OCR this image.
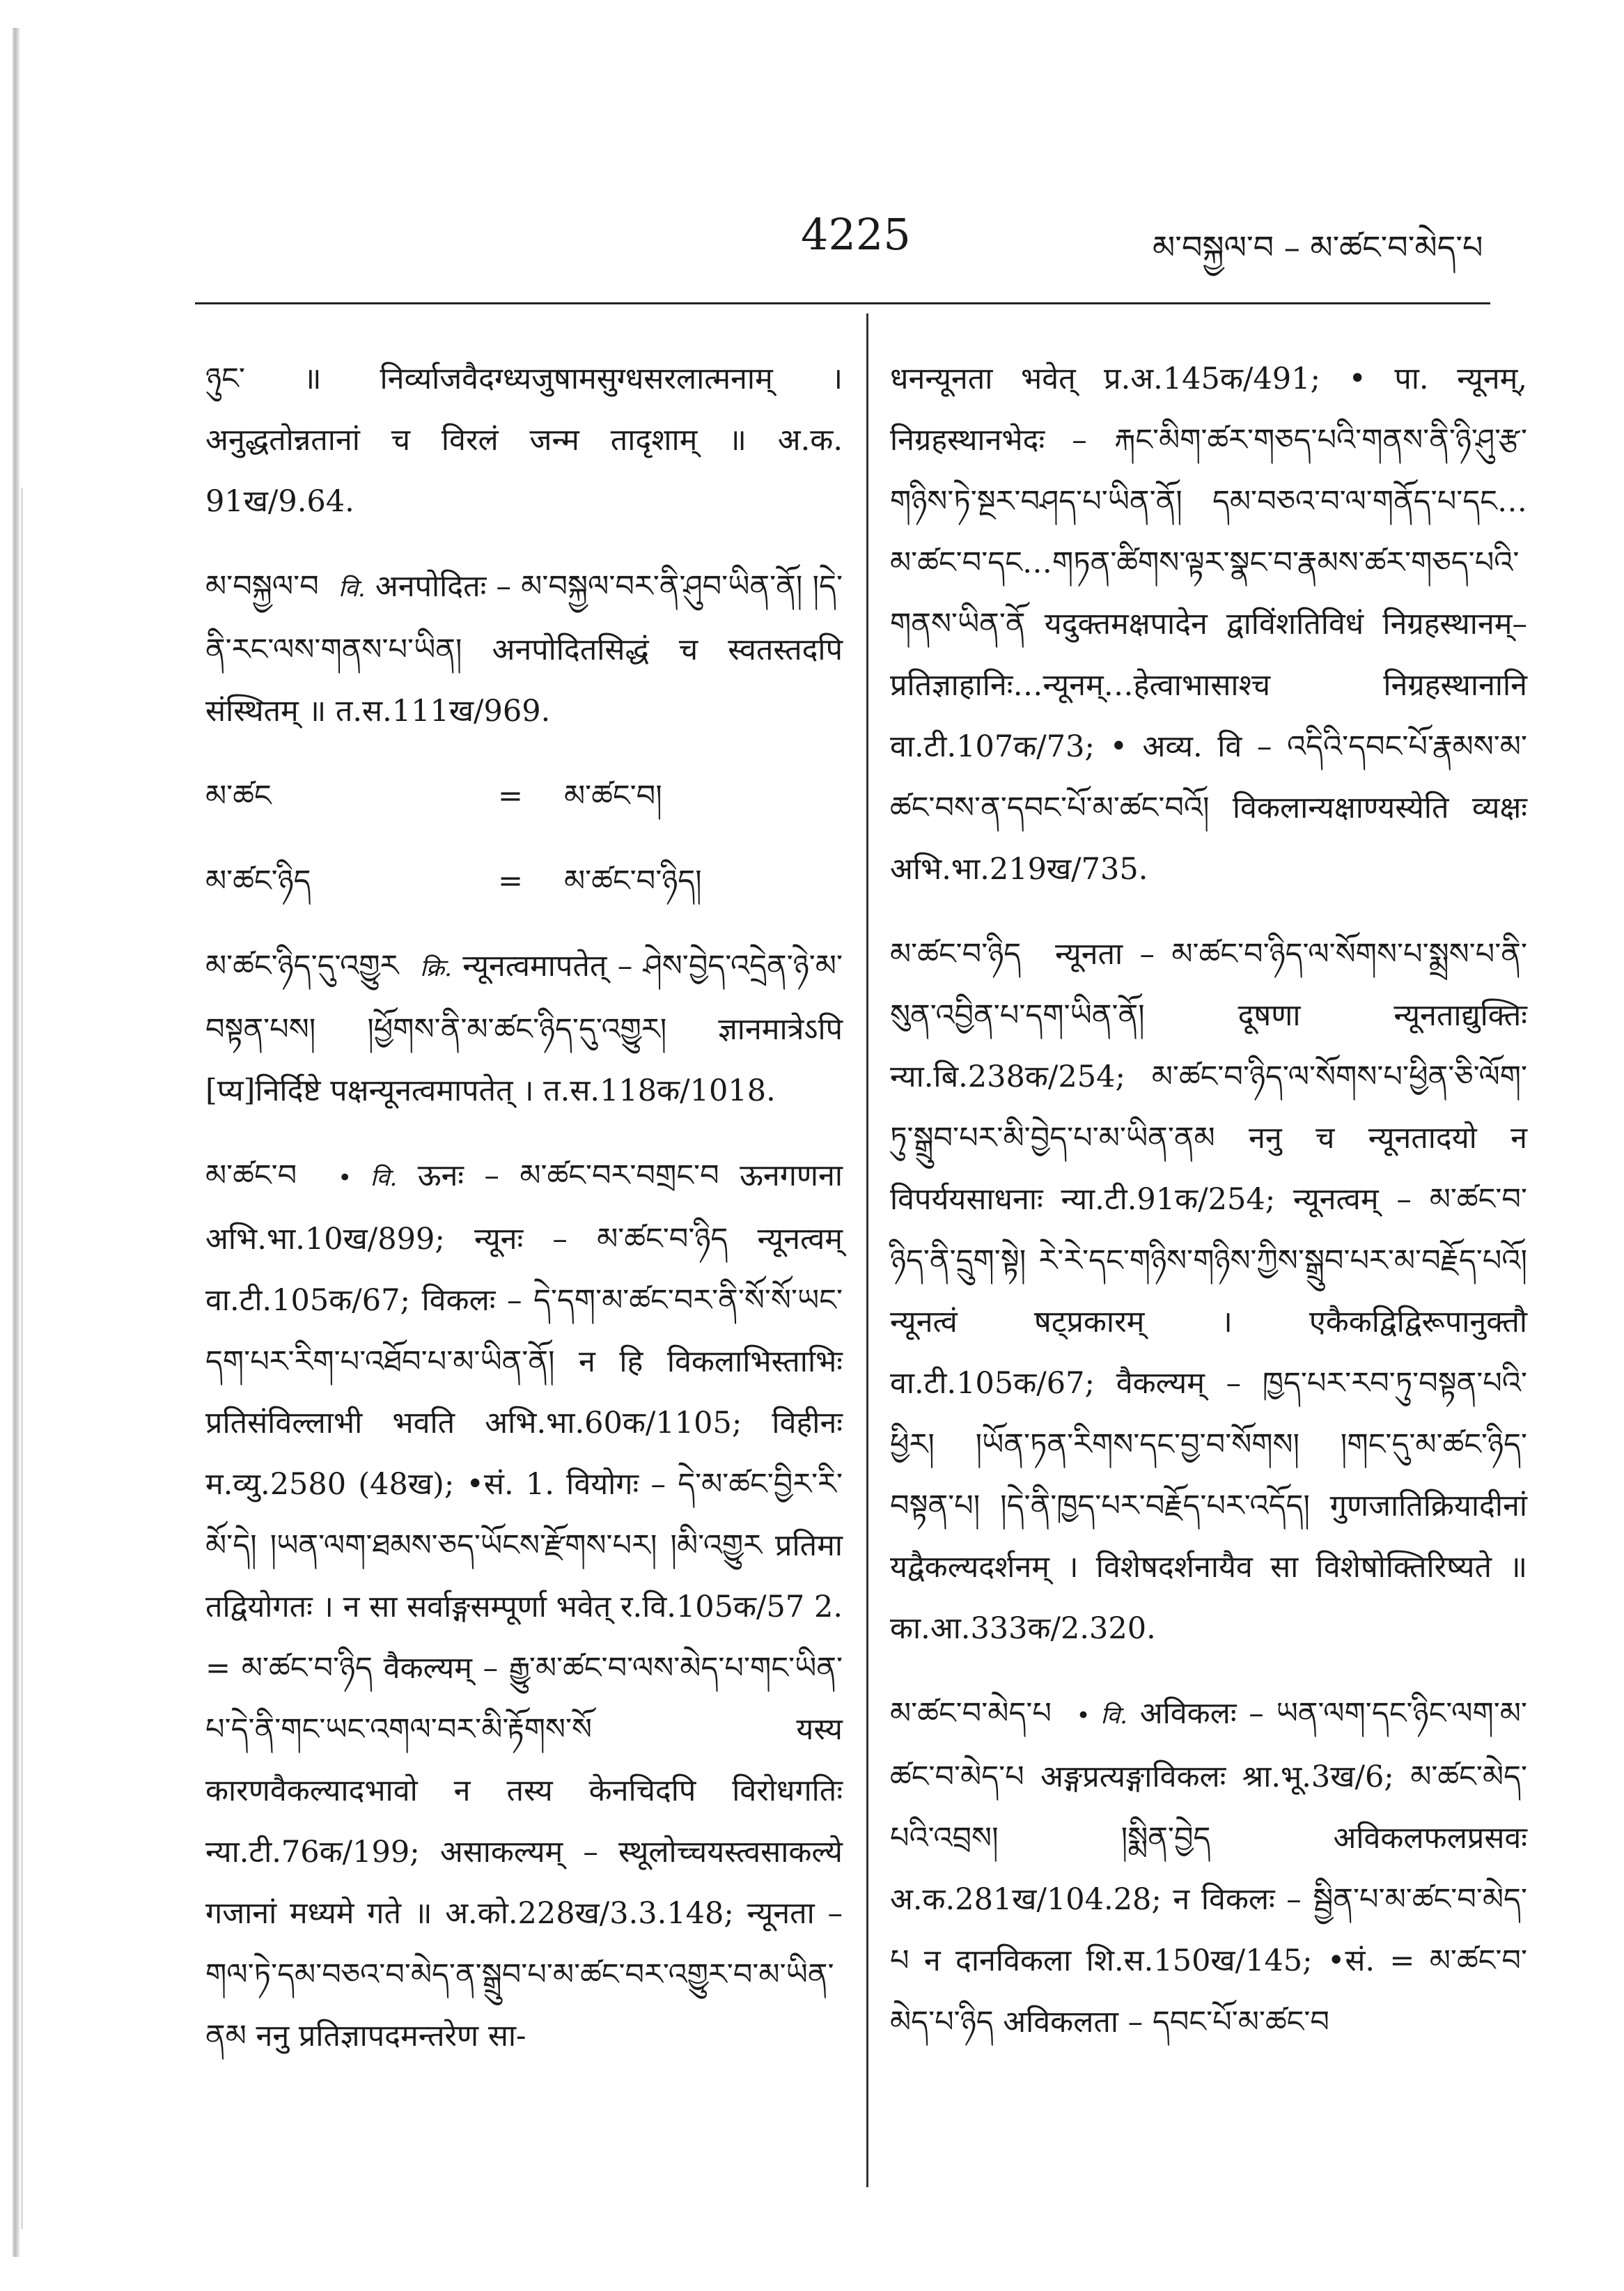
4225	མ་བསྐྱལ་བ – མ་ཚང་བ་མེད་པ

ཉུང་ ॥ निर्व्याजवैदग्ध्यजुषामसुग्धसरलात्मनाम् । अनुद्धतोन्नतानां च विरलं जन्म तादृशाम् ॥ अ.क. 91ख/9.64.

མ་བསྐྱལ་བ वि. अनपोदितः – མ་བསྐྱལ་བར་ནི་ཤུབ་ཡིན་ནོ། །དེ་ནི་རང་ལས་གནས་པ་ཡིན། अनपोदितसिद्धं च स्वतस्तदपि संस्थितम् ॥ त.स.111ख/969.

མ་ཚང	=	མ་ཚང་བ།
མ་ཚང་ཉིད	=	མ་ཚང་བ་ཉིད།

མ་ཚང་ཉིད་དུ་འགྱུར क्रि. न्यूनत्वमापतेत् – ཤེས་བྱེད་འདྲེན་ཉེ་མ་བསྟན་པས། །ཕྱོགས་ནི་མ་ཚང་ཉིད་དུ་འགྱུར། ज्ञानमात्रेऽपि [प्य]निर्दिष्टे पक्षन्यूनत्वमापतेत् । त.स.118क/1018.

མ་ཚང་བ • वि. ऊनः – མ་ཚང་བར་བགྲང་བ ऊनगणना अभि.भा.10ख/899; न्यूनः – མ་ཚང་བ་ཉིད न्यूनत्वम् वा.टी.105क/67; विकलः – དེ་དག་མ་ཚང་བར་ནི་སོ་སོ་ཡང་དག་པར་རིག་པ་འཐོབ་པ་མ་ཡིན་ནོ། न हि विकलाभिस्ताभिः प्रतिसंविल्लाभी भवति अभि.भा.60क/1105; विहीनः म.व्यु.2580 (48ख); •सं. 1. वियोगः – དེ་མ་ཚང་བྱིར་རི་མོ་དེ། །ཡན་ལག་ཐམས་ཅད་ཡོངས་རྫོགས་པར། །མི་འགྱུར प्रतिमा तद्वियोगतः । न सा सर्वाङ्गसम्पूर्णा भवेत् र.वि.105क/57 2. = མ་ཚང་བ་ཉིད वैकल्यम् – རྒྱུ་མ་ཚང་བ་ལས་མེད་པ་གང་ཡིན་པ་དེ་ནི་གང་ཡང་འགལ་བར་མི་རྟོགས་སོ यस्य कारणवैकल्यादभावो न तस्य केनचिदपि विरोधगतिः न्या.टी.76क/199; असाकल्यम् – स्थूलोच्चयस्त्वसाकल्ये गजानां मध्यमे गते ॥ अ.को.228ख/3.3.148; न्यूनता – གལ་ཏེ་དམ་བཅའ་བ་མེད་ན་སྒྲུབ་པ་མ་ཚང་བར་འགྱུར་བ་མ་ཡིན་ནམ ननु प्रतिज्ञापदमन्तरेण सा-

धनन्यूनता भवेत् प्र.अ.145क/491; • पा. न्यूनम्, निग्रहस्थानभेदः – རྐང་མིག་ཚར་གཅད་པའི་གནས་ནི་ཉི་ཤུ་རྩ་གཉིས་ཏེ་སྔར་བཤད་པ་ཡིན་ནོ། དམ་བཅའ་བ་ལ་གནོད་པ་དང…མ་ཚང་བ་དང…གཏན་ཚིགས་ལྟར་སྣང་བ་རྣམས་ཚར་གཅད་པའི་གནས་ཡིན་ནོ यदुक्तमक्षपादेन द्वाविंशतिविधं निग्रहस्थानम्–प्रतिज्ञाहानिः…न्यूनम्…हेत्वाभासाश्च निग्रहस्थानानि वा.टी.107क/73; • अव्य. वि – འདིའི་དབང་པོ་རྣམས་མ་ཚང་བས་ན་དབང་པོ་མ་ཚང་བའོ། विकलान्यक्षाण्यस्येति व्यक्षः अभि.भा.219ख/735.

མ་ཚང་བ་ཉིད न्यूनता – མ་ཚང་བ་ཉིད་ལ་སོགས་པ་སྨྲས་པ་ནི་སུན་འབྱིན་པ་དག་ཡིན་ནོ། दूषणा न्यूनताद्युक्तिः न्या.बि.238क/254; མ་ཚང་བ་ཉིད་ལ་སོགས་པ་ཕྱིན་ཅི་ལོག་ཏུ་སྒྲུབ་པར་མི་བྱེད་པ་མ་ཡིན་ནམ ननु च न्यूनतादयो न विपर्ययसाधनाः न्या.टी.91क/254; न्यूनत्वम् – མ་ཚང་བ་ཉིད་ནི་དྲུག་སྟེ། རེ་རེ་དང་གཉིས་གཉིས་ཀྱིས་སྒྲུབ་པར་མ་བརྗོད་པའོ། न्यूनत्वं षट्प्रकारम् । एकैकद्विद्विरूपानुक्तौ वा.टी.105क/67; वैकल्यम् – ཁྱད་པར་རབ་ཏུ་བསྟན་པའི་ཕྱིར། །ཡོན་ཏན་རིགས་དང་བྱ་བ་སོགས། །གང་དུ་མ་ཚང་ཉིད་བསྟན་པ། །དེ་ནི་ཁྱད་པར་བརྗོད་པར་འདོད། गुणजातिक्रियादीनां यद्वैकल्यदर्शनम् । विशेषदर्शनायैव सा विशेषोक्तिरिष्यते ॥ का.आ.333क/2.320.

མ་ཚང་བ་མེད་པ • वि. अविकलः – ཡན་ལག་དང་ཉིང་ལག་མ་ཚང་བ་མེད་པ अङ्गप्रत्यङ्गाविकलः श्रा.भू.3ख/6; མ་ཚང་མེད་པའི་འབྲས། །སྨིན་བྱེད अविकलफलप्रसवः अ.क.281ख/104.28; न विकलः – སྦྱིན་པ་མ་ཚང་བ་མེད་པ न दानविकला शि.स.150ख/145; •सं. = མ་ཚང་བ་མེད་པ་ཉིད अविकलता – དབང་པོ་མ་ཚང་བ
